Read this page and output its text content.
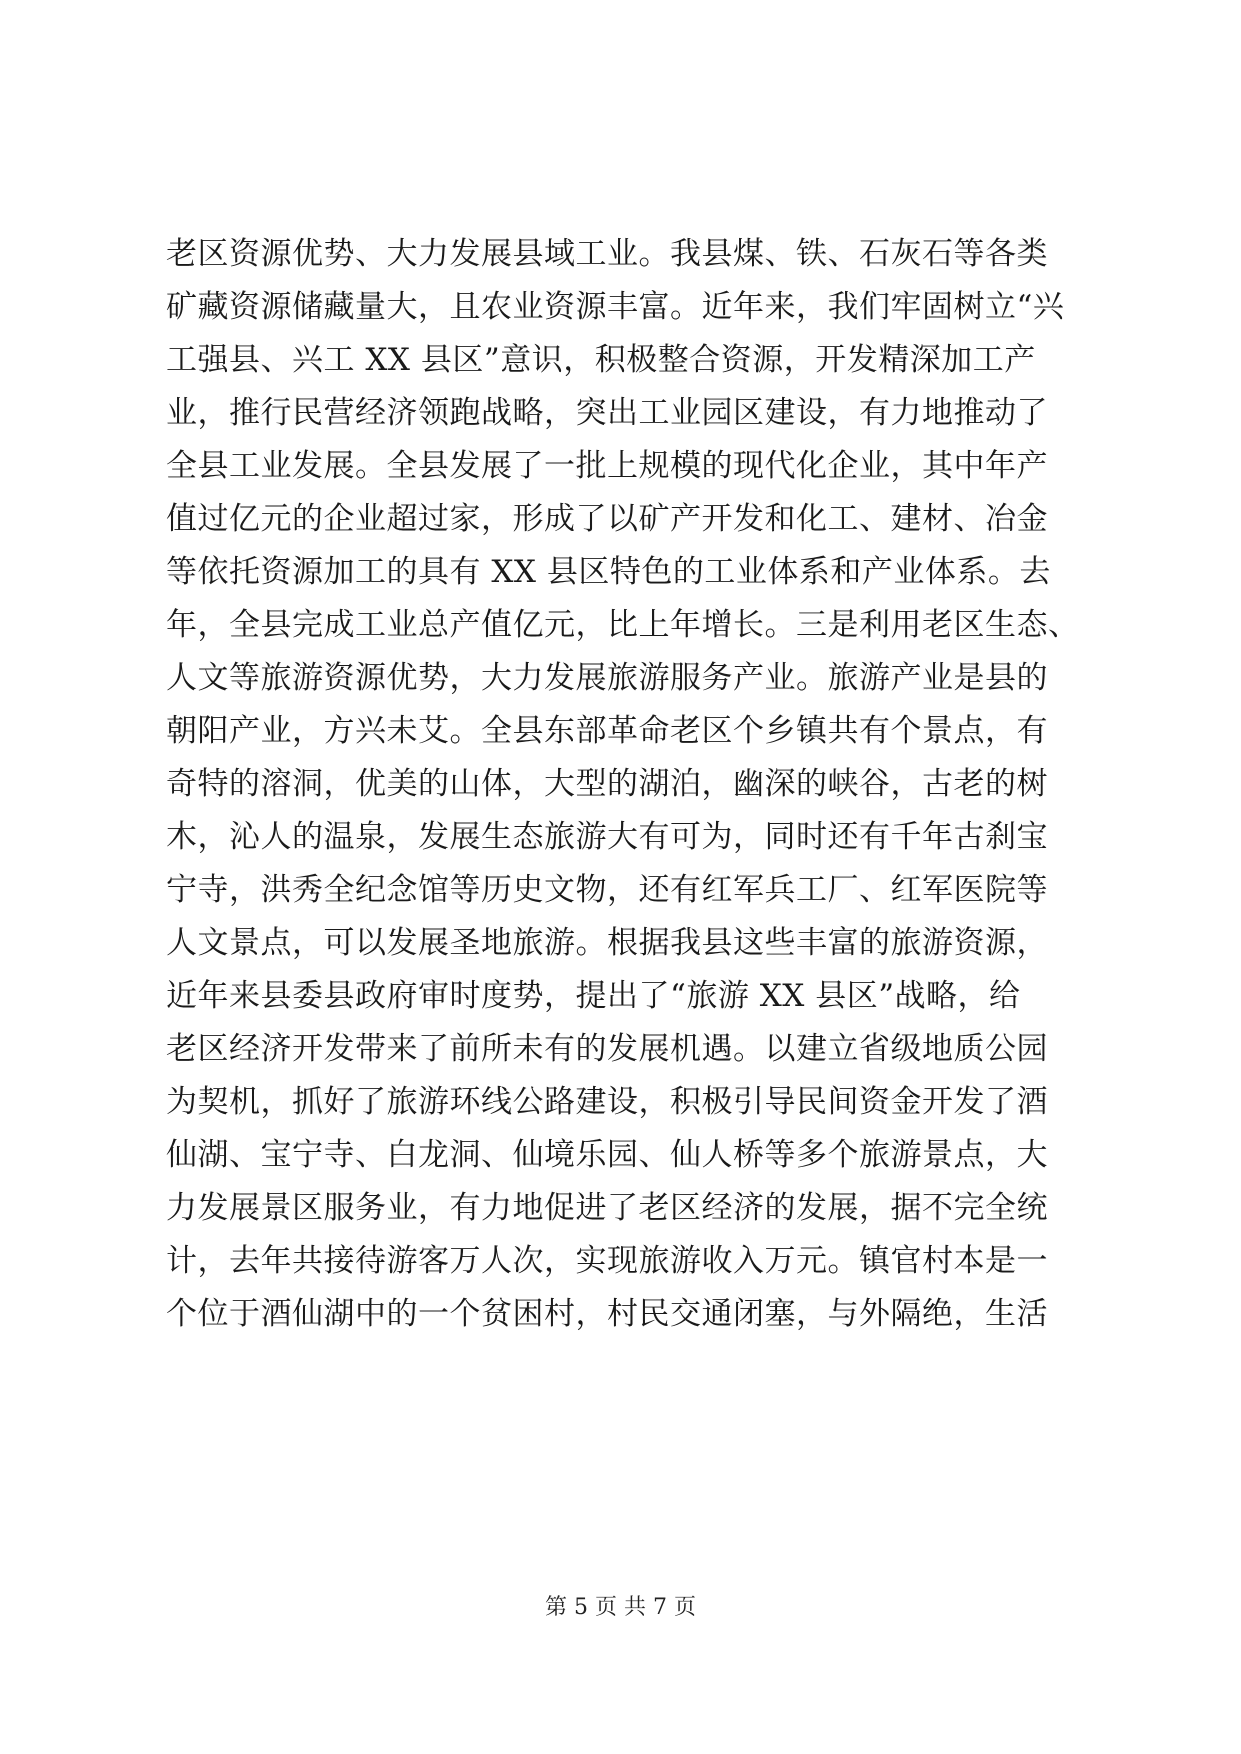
老区资源优势、大力发展县域工业。我县煤、铁、石灰石等各类
矿藏资源储藏量大，且农业资源丰富。近年来，我们牢固树立“兴
工强县、兴工 XX 县区”意识，积极整合资源，开发精深加工产
业，推行民营经济领跑战略，突出工业园区建设，有力地推动了
全县工业发展。全县发展了一批上规模的现代化企业，其中年产
值过亿元的企业超过家，形成了以矿产开发和化工、建材、冶金
等依托资源加工的具有 XX 县区特色的工业体系和产业体系。去
年，全县完成工业总产值亿元，比上年增长。三是利用老区生态、
人文等旅游资源优势，大力发展旅游服务产业。旅游产业是县的
朝阳产业，方兴未艾。全县东部革命老区个乡镇共有个景点，有
奇特的溶洞，优美的山体，大型的湖泊，幽深的峡谷，古老的树
木，沁人的温泉，发展生态旅游大有可为，同时还有千年古刹宝
宁寺，洪秀全纪念馆等历史文物，还有红军兵工厂、红军医院等
人文景点，可以发展圣地旅游。根据我县这些丰富的旅游资源，
近年来县委县政府审时度势，提出了“旅游 XX 县区”战略，给
老区经济开发带来了前所未有的发展机遇。以建立省级地质公园
为契机，抓好了旅游环线公路建设，积极引导民间资金开发了酒
仙湖、宝宁寺、白龙洞、仙境乐园、仙人桥等多个旅游景点，大
力发展景区服务业，有力地促进了老区经济的发展，据不完全统
计，去年共接待游客万人次，实现旅游收入万元。镇官村本是一
个位于酒仙湖中的一个贫困村，村民交通闭塞，与外隔绝，生活
第 5 页 共 7 页
